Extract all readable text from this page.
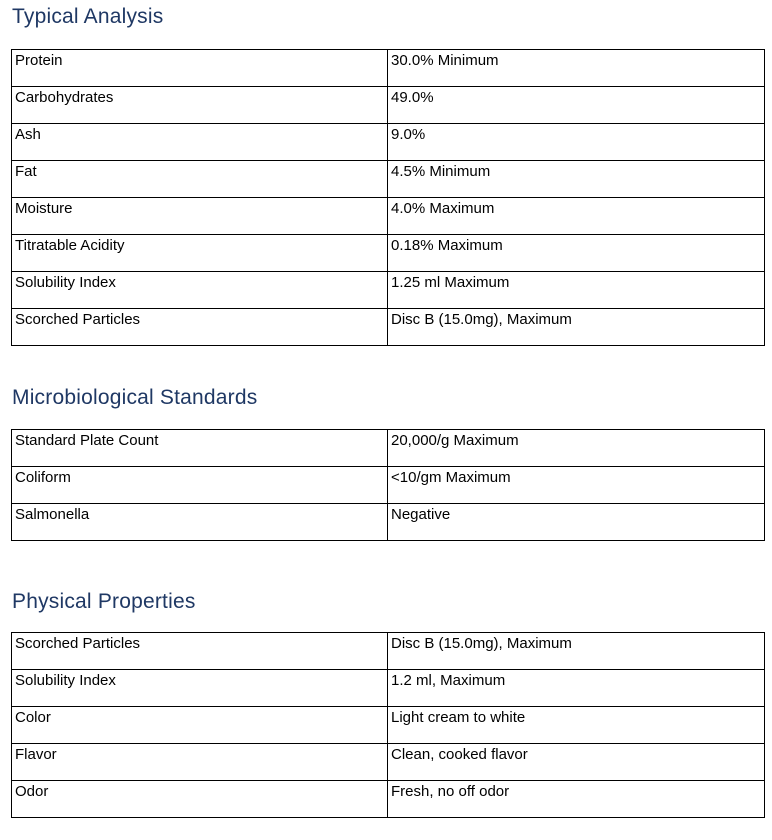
Typical Analysis
Protein	30.0% Minimum
Carbohydrates	49.0%
Ash	9.0%
Fat	4.5% Minimum
Moisture	4.0% Maximum
Titratable Acidity	0.18% Maximum
Solubility Index	1.25 ml Maximum
Scorched Particles	Disc B (15.0mg), Maximum
Microbiological Standards
Standard Plate Count	20,000/g Maximum
Coliform	<10/gm Maximum
Salmonella	Negative
Physical Properties
Scorched Particles	Disc B (15.0mg), Maximum
Solubility Index	1.2 ml, Maximum
Color	Light cream to white
Flavor	Clean, cooked flavor
Odor	Fresh, no off odor
